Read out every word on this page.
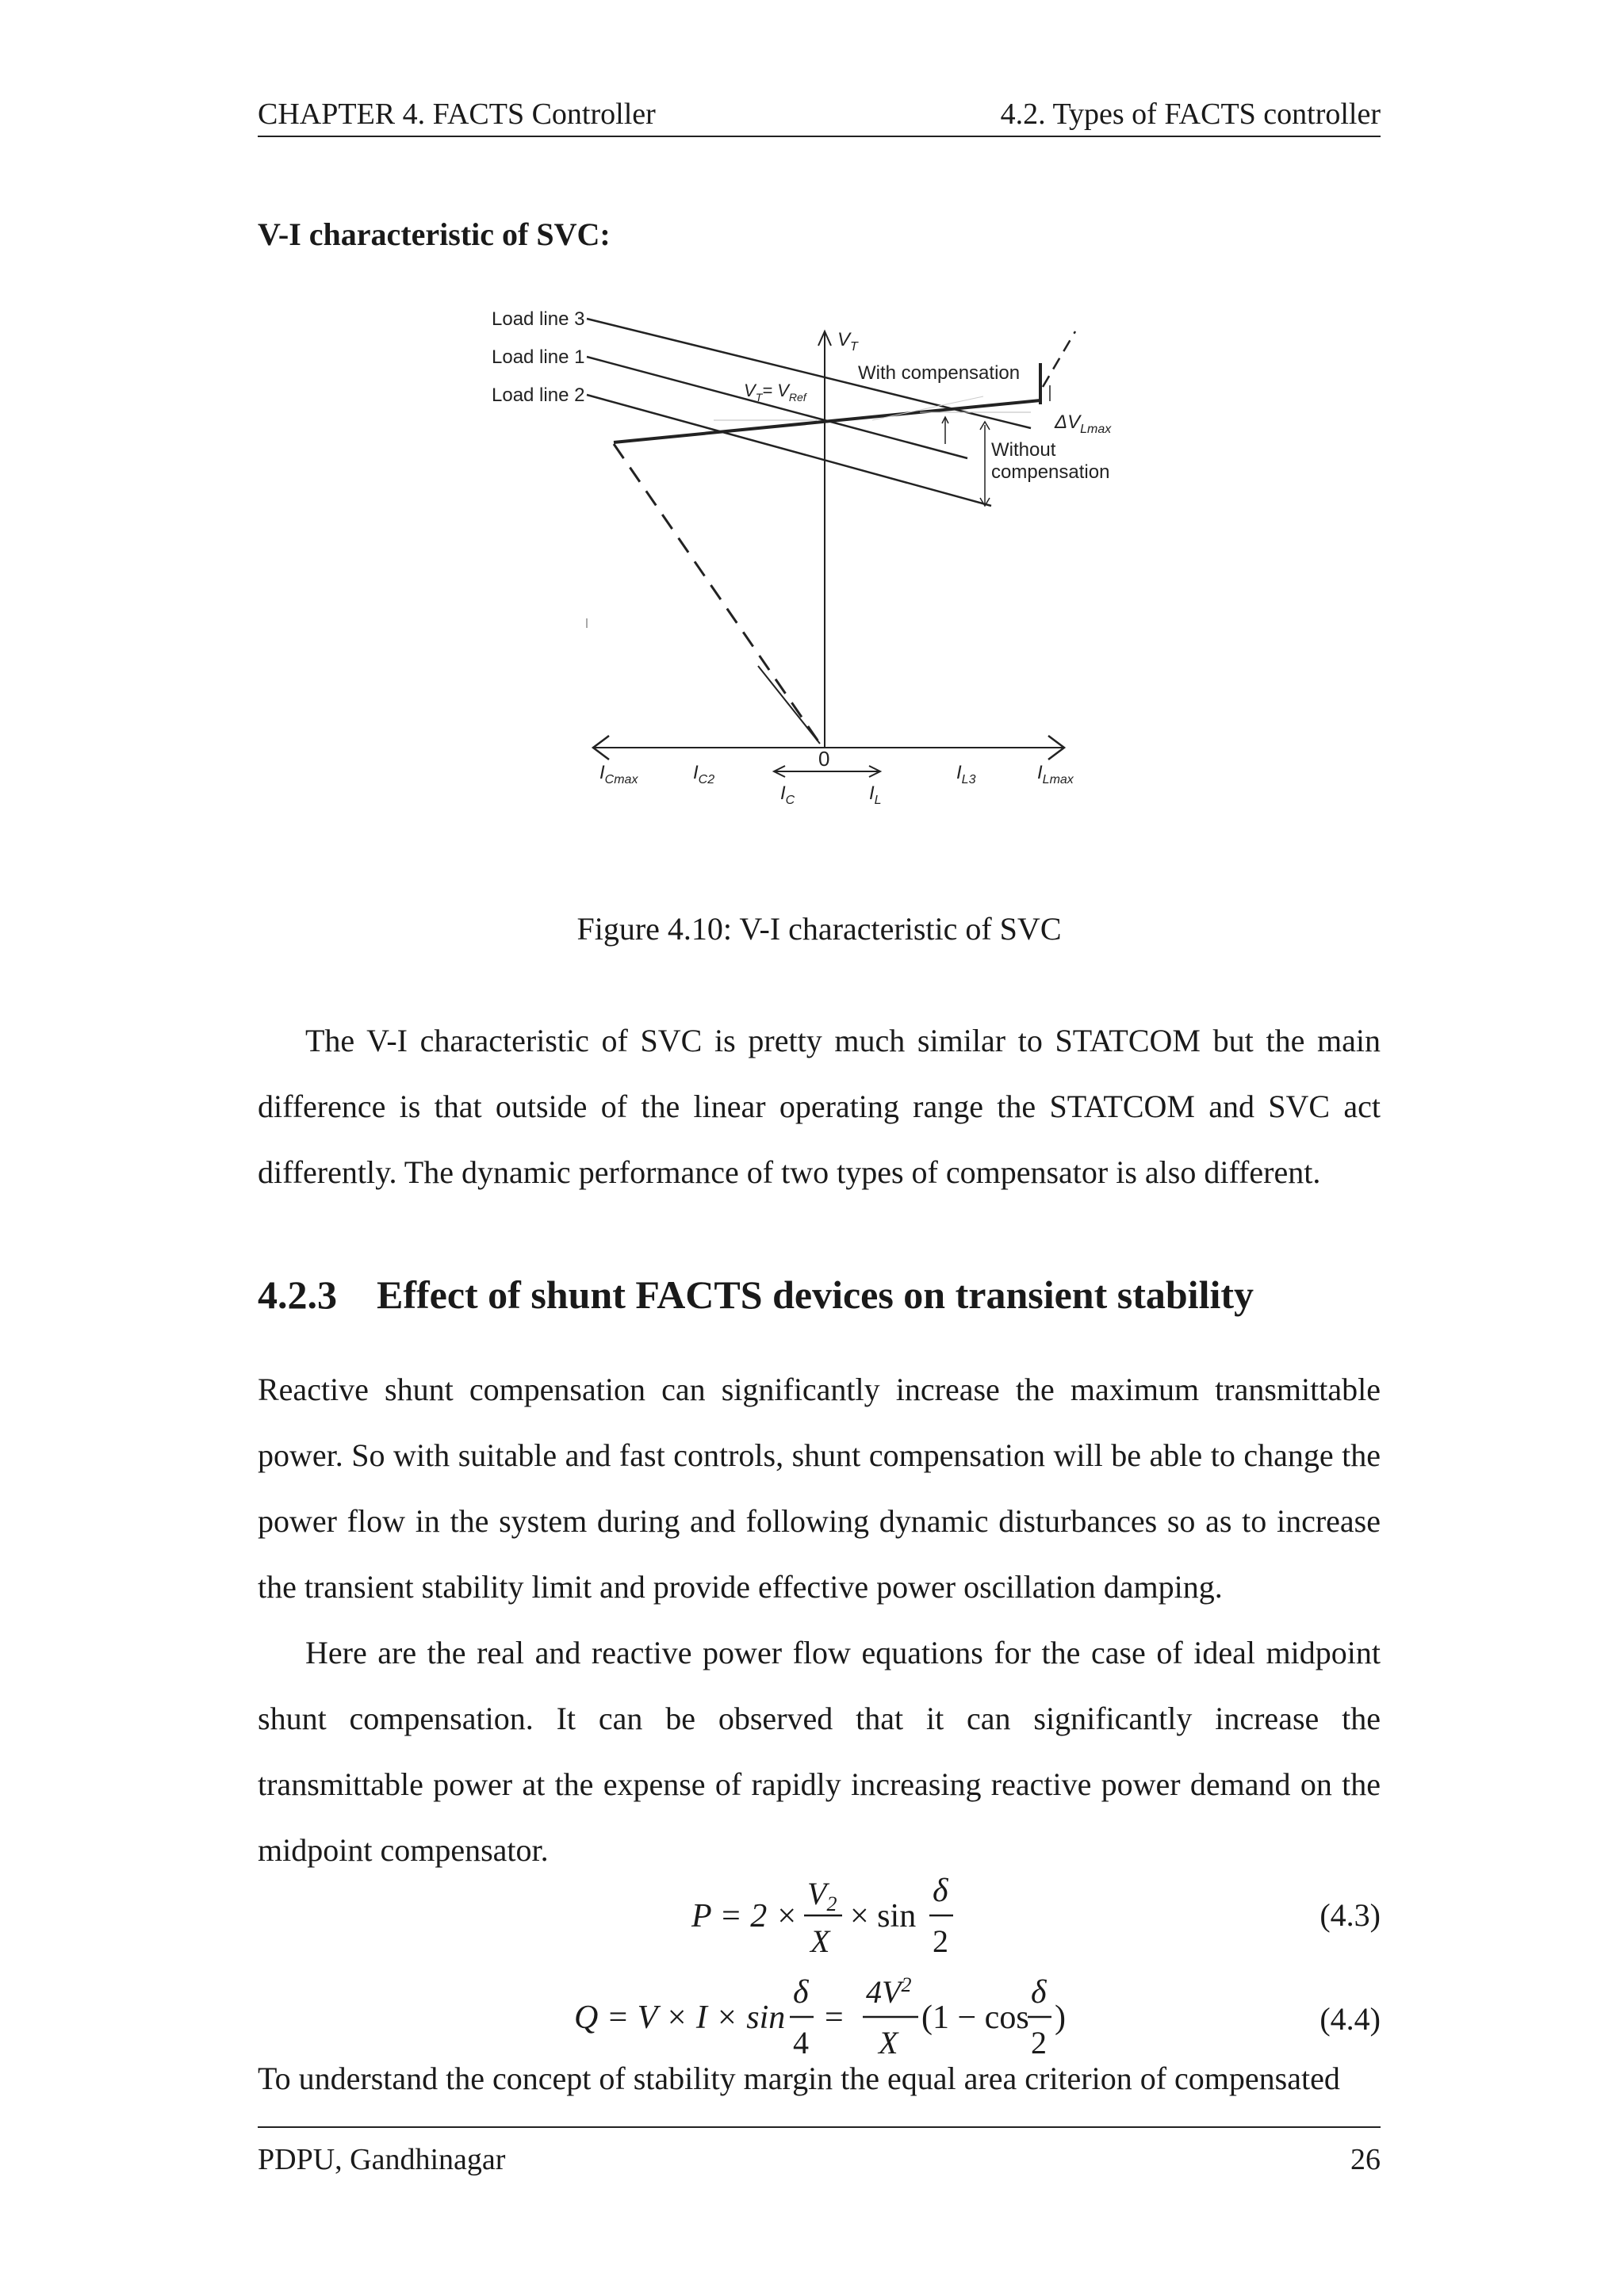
CHAPTER 4. FACTS Controller	4.2. Types of FACTS controller
V-I characteristic of SVC:
Load line 3
Load line 1
Load line 2
$V_T$
With compensation
$V_T= V_{Ref}$
$\Delta V_{Lmax}$
Without
compensation
$I_{Cmax}$	$I_{C2}$
0
$I_{L3}$	$I_{Lmax}$
$I_C$	$I_L$
Figure 4.10: V-I characteristic of SVC
The V-I characteristic of SVC is pretty much similar to STATCOM but the main difference is that outside of the linear operating range the STATCOM and SVC act differently. The dynamic performance of two types of compensator is also different.
4.2.3 Effect of shunt FACTS devices on transient stability
Reactive shunt compensation can significantly increase the maximum transmittable power. So with suitable and fast controls, shunt compensation will be able to change the power flow in the system during and following dynamic disturbances so as to increase the transient stability limit and provide effective power oscillation damping.
Here are the real and reactive power flow equations for the case of ideal midpoint shunt compensation. It can be observed that it can significantly increase the transmittable power at the expense of rapidly increasing reactive power demand on the midpoint compensator.
P = 2 ×
$V_2$
X
× sin
δ
2
(4.3)
Q = V × I × sin
δ
4
=
$4V^2$
X
(1 − cos
δ
2
)	(4.4)
To understand the concept of stability margin the equal area criterion of compensated
PDPU, Gandhinagar	26
